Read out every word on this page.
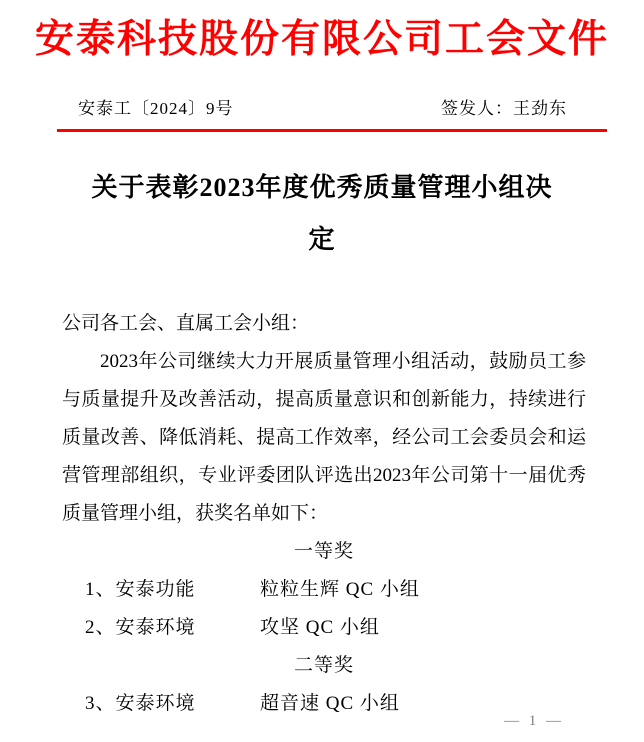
安泰科技股份有限公司工会文件
安泰工〔2024〕9号	签发人：王劲东
关于表彰2023年度优秀质量管理小组决
定
公司各工会、直属工会小组：
2023年公司继续大力开展质量管理小组活动，鼓励员工参
与质量提升及改善活动，提高质量意识和创新能力，持续进行
质量改善、降低消耗、提高工作效率，经公司工会委员会和运
营管理部组织，专业评委团队评选出2023年公司第十一届优秀
质量管理小组，获奖名单如下：
一等奖
1、 安泰功能	粒粒生辉 QC 小组
2、 安泰环境	攻坚 QC 小组
二等奖
3、 安泰环境	超音速 QC 小组
— 1 —
